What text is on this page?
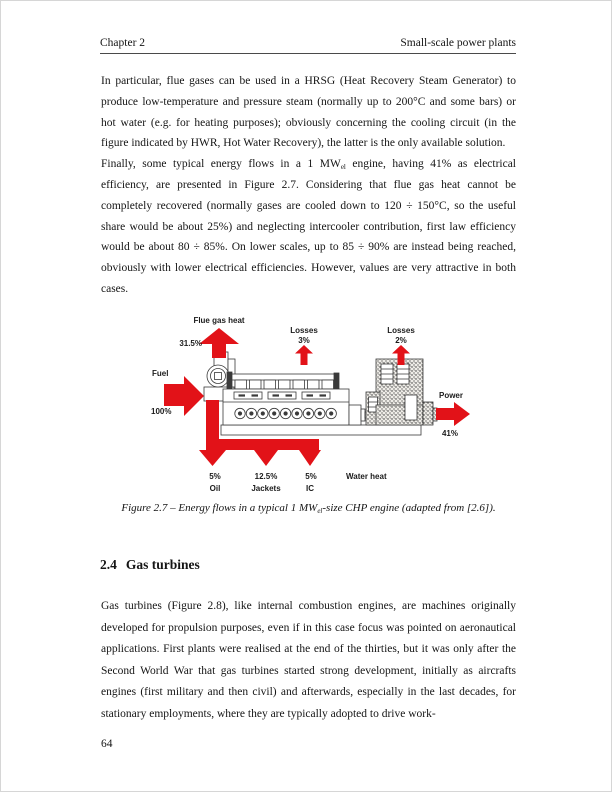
Chapter 2	Small-scale power plants

In particular, flue gases can be used in a HRSG (Heat Recovery Steam Generator) to produce low-temperature and pressure steam (normally up to 200°C and some bars) or hot water (e.g. for heating purposes); obviously concerning the cooling circuit (in the figure indicated by HWR, Hot Water Recovery), the latter is the only available solution.

Finally, some typical energy flows in a 1 $MW_{el}$ engine, having 41% as electrical efficiency, are presented in Figure 2.7. Considering that flue gas heat cannot be completely recovered (normally gases are cooled down to 120 ÷ 150°C, so the useful share would be about 25%) and neglecting intercooler contribution, first law efficiency would be about 80 ÷ 85%. On lower scales, up to 85 ÷ 90% are instead being reached, obviously with lower electrical efficiencies. However, values are very attractive in both cases.

Flue gas heat
31.5%
Losses
3%
Losses
2%
Fuel
100%
Power
41%
5%
Oil
12.5%
Jackets
5%
IC
Water heat
Figure 2.7 – Energy flows in a typical 1 $MW_{el}$-size CHP engine (adapted from [2.6]).
2.4 Gas turbines

Gas turbines (Figure 2.8), like internal combustion engines, are machines originally developed for propulsion purposes, even if in this case focus was pointed on aeronautical applications. First plants were realised at the end of the thirties, but it was only after the Second World War that gas turbines started strong development, initially as aircrafts engines (first military and then civil) and afterwards, especially in the last decades, for stationary employments, where they are typically adopted to drive work-

64
